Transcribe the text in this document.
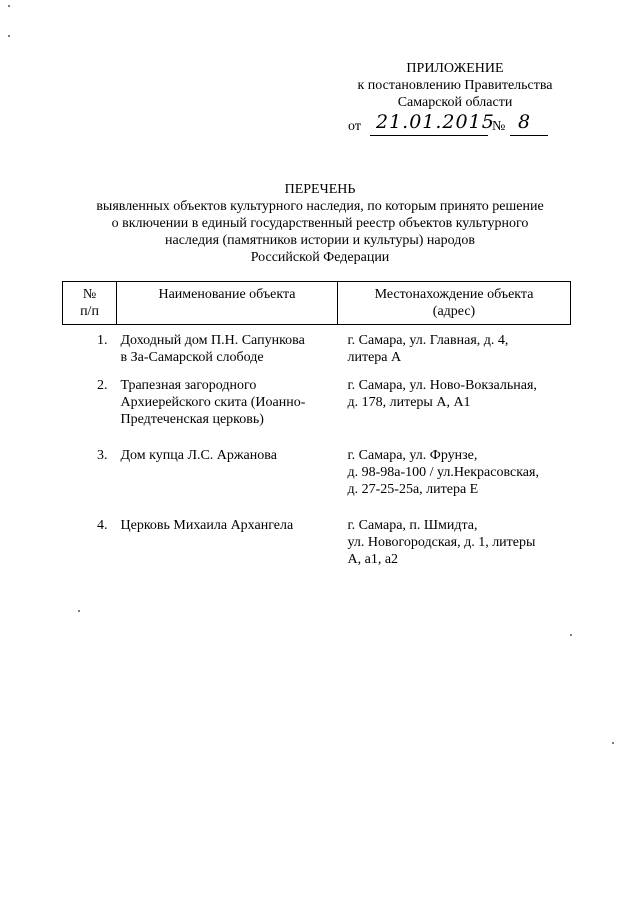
ПРИЛОЖЕНИЕ
к постановлению Правительства
Самарской области
от 21.01.2015
№ 8
ПЕРЕЧЕНЬ
выявленных объектов культурного наследия, по которым принято решение
о включении в единый государственный реестр объектов культурного
наследия (памятников истории и культуры) народов
Российской Федерации
№
п/п	Наименование объекта	Местонахождение объекта
(адрес)

1.	Доходный дом П.Н. Сапункова
в За-Самарской слободе	г. Самара, ул. Главная, д. 4,
литера А

2.	Трапезная загородного
Архиерейского скита (Иоанно-
Предтеченская церковь)	г. Самара, ул. Ново-Вокзальная,
д. 178, литеры А, А1

3.	Дом купца Л.С. Аржанова	г. Самара, ул. Фрунзе,
д. 98-98а-100 / ул.Некрасовская,
д. 27-25-25а, литера Е

4.	Церковь Михаила Архангела	г. Самара, п. Шмидта,
ул. Новогородская, д. 1, литеры
А, а1, а2
